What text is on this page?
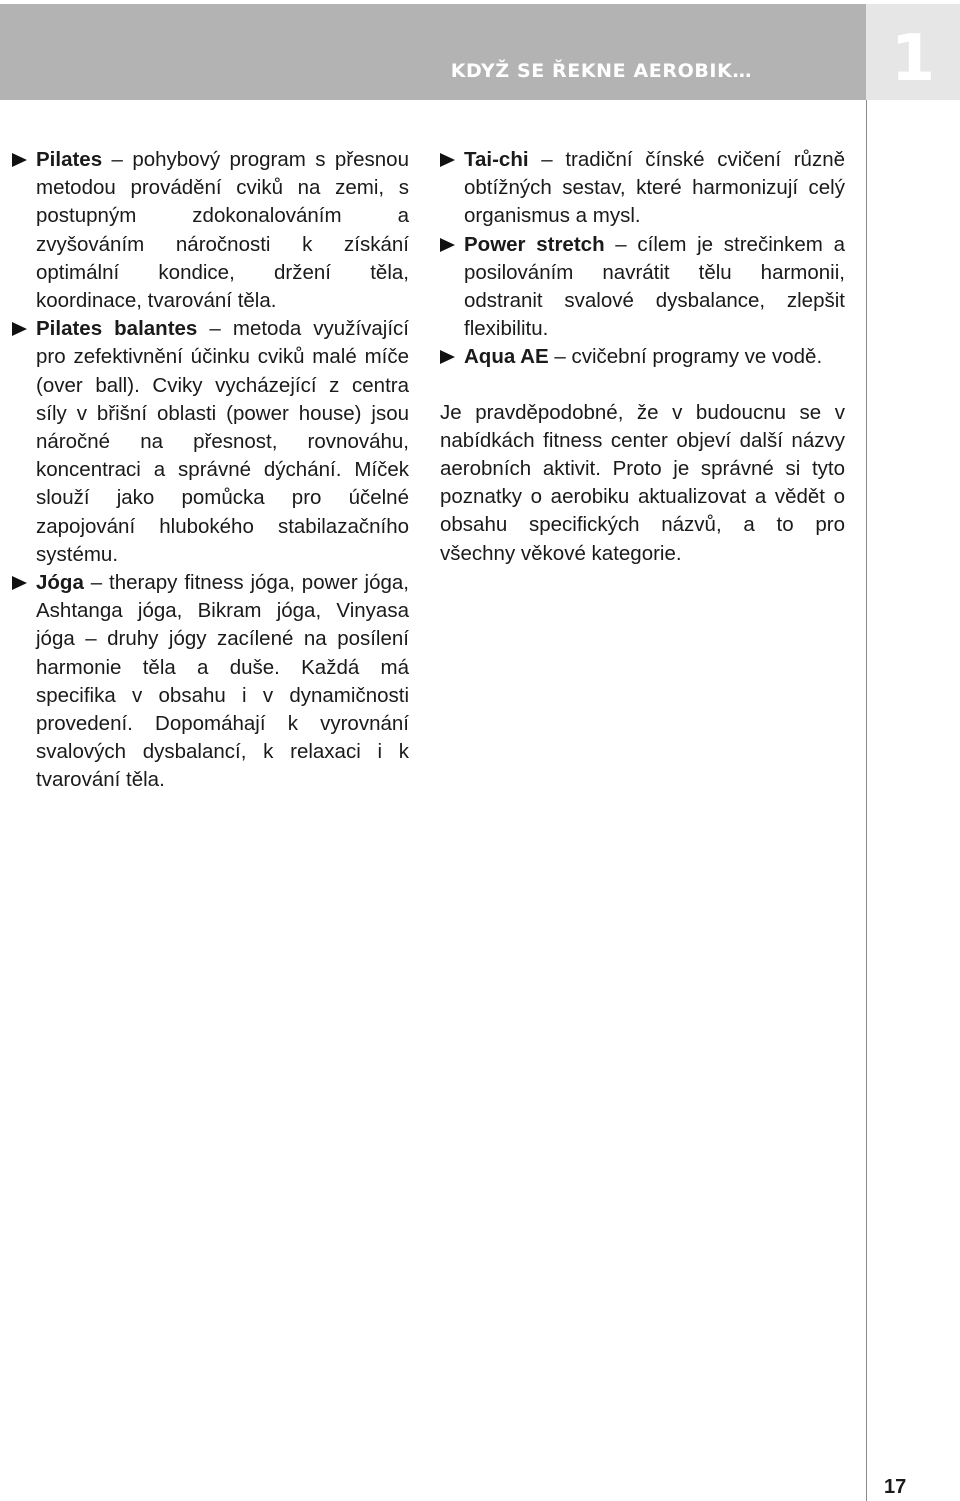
KDYŽ SE ŘEKNE AEROBIK…	1
Pilates – pohybový program s přesnou metodou provádění cviků na zemi, s postupným zdokonalováním a zvyšováním náročnosti k získání optimální kondice, držení těla, koordinace, tvarování těla.
Pilates balantes – metoda využívající pro zefektivnění účinku cviků malé míče (over ball). Cviky vycházející z centra síly v břišní oblasti (power house) jsou náročné na přesnost, rovnováhu, koncentraci a správné dýchání. Míček slouží jako pomůcka pro účelné zapojování hlubokého stabilazačního systému.
Jóga – therapy fitness jóga, power jóga, Ashtanga jóga, Bikram jóga, Vinyasa jóga – druhy jógy zacílené na posílení harmonie těla a duše. Každá má specifika v obsahu i v dynamičnosti provedení. Dopomáhají k vyrovnání svalových dysbalancí, k relaxaci i k tvarování těla.
Tai-chi – tradiční čínské cvičení různě obtížných sestav, které harmonizují celý organismus a mysl.
Power stretch – cílem je strečinkem a posilováním navrátit tělu harmonii, odstranit svalové dysbalance, zlepšit flexibilitu.
Aqua AE – cvičební programy ve vodě.

Je pravděpodobné, že v budoucnu se v nabídkách fitness center objeví další názvy aerobních aktivit. Proto je správné si tyto poznatky o aerobiku aktualizovat a vědět o obsahu specifických názvů, a to pro všechny věkové kategorie.

17
